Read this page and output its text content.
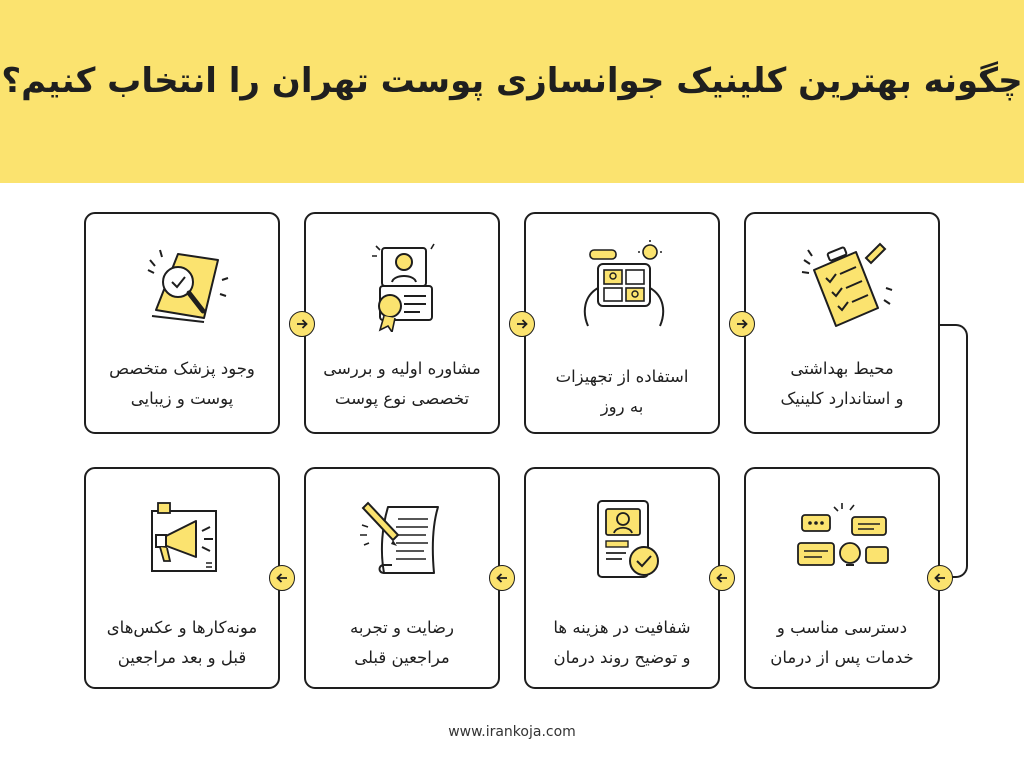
چگونه بهترین کلینیک جوانسازی پوست تهران را انتخاب کنیم؟
محیط بهداشتی
و استاندارد کلینیک
استفاده از تجهیزات
به روز
مشاوره اولیه و بررسی
تخصصی نوع پوست
وجود پزشک متخصص
پوست و زیبایی
دسترسی مناسب و
خدمات پس از درمان
شفافیت در هزینه ها
و توضیح روند درمان
رضایت و تجربه
مراجعین قبلی
مونه‌کارها و عکس‌های
قبل و بعد مراجعین
www.irankoja.com
